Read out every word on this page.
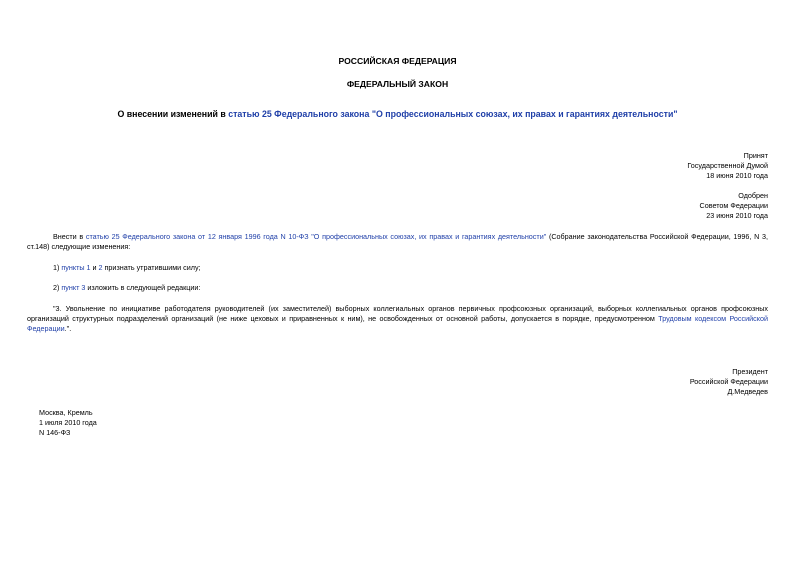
РОССИЙСКАЯ ФЕДЕРАЦИЯ
ФЕДЕРАЛЬНЫЙ ЗАКОН
О внесении изменений в статью 25 Федерального закона "О профессиональных союзах, их правах и гарантиях деятельности"
Принят
Государственной Думой
18 июня 2010 года
Одобрен
Советом Федерации
23 июня 2010 года
Внести в статью 25 Федерального закона от 12 января 1996 года N 10-ФЗ "О профессиональных союзах, их правах и гарантиях деятельности" (Собрание законодательства Российской Федерации, 1996, N 3, ст.148) следующие изменения:
1) пункты 1 и 2 признать утратившими силу;
2) пункт 3 изложить в следующей редакции:
"3. Увольнение по инициативе работодателя руководителей (их заместителей) выборных коллегиальных органов первичных профсоюзных организаций, выборных коллегиальных органов профсоюзных организаций структурных подразделений организаций (не ниже цеховых и приравненных к ним), не освобожденных от основной работы, допускается в порядке, предусмотренном Трудовым кодексом Российской Федерации.".
Президент
Российской Федерации
Д.Медведев
Москва, Кремль
1 июля 2010 года
N 146-ФЗ
